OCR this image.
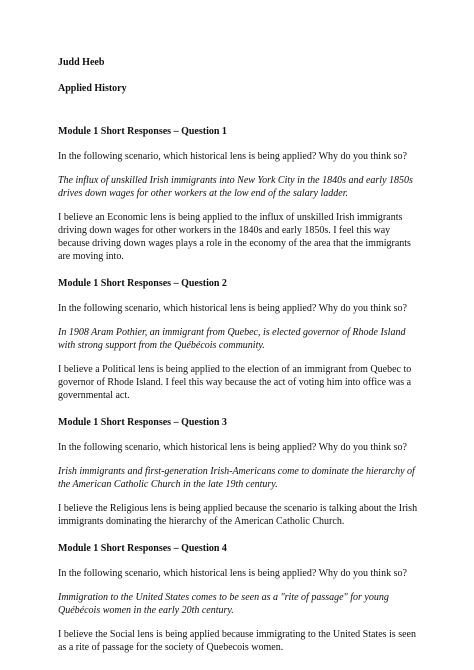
Judd Heeb
Applied History
Module 1 Short Responses – Question 1
In the following scenario, which historical lens is being applied? Why do you think so?
The influx of unskilled Irish immigrants into New York City in the 1840s and early 1850s drives down wages for other workers at the low end of the salary ladder.
I believe an Economic lens is being applied to the influx of unskilled Irish immigrants driving down wages for other workers in the 1840s and early 1850s. I feel this way because driving down wages plays a role in the economy of the area that the immigrants are moving into.
Module 1 Short Responses – Question 2
In the following scenario, which historical lens is being applied? Why do you think so?
In 1908 Aram Pothier, an immigrant from Quebec, is elected governor of Rhode Island with strong support from the Québécois community.
I believe a Political lens is being applied to the election of an immigrant from Quebec to governor of Rhode Island. I feel this way because the act of voting him into office was a governmental act.
Module 1 Short Responses – Question 3
In the following scenario, which historical lens is being applied? Why do you think so?
Irish immigrants and first-generation Irish-Americans come to dominate the hierarchy of the American Catholic Church in the late 19th century.
I believe the Religious lens is being applied because the scenario is talking about the Irish immigrants dominating the hierarchy of the American Catholic Church.
Module 1 Short Responses – Question 4
In the following scenario, which historical lens is being applied? Why do you think so?
Immigration to the United States comes to be seen as a "rite of passage" for young Québécois women in the early 20th century.
I believe the Social lens is being applied because immigrating to the United States is seen as a rite of passage for the society of Quebecois women.
